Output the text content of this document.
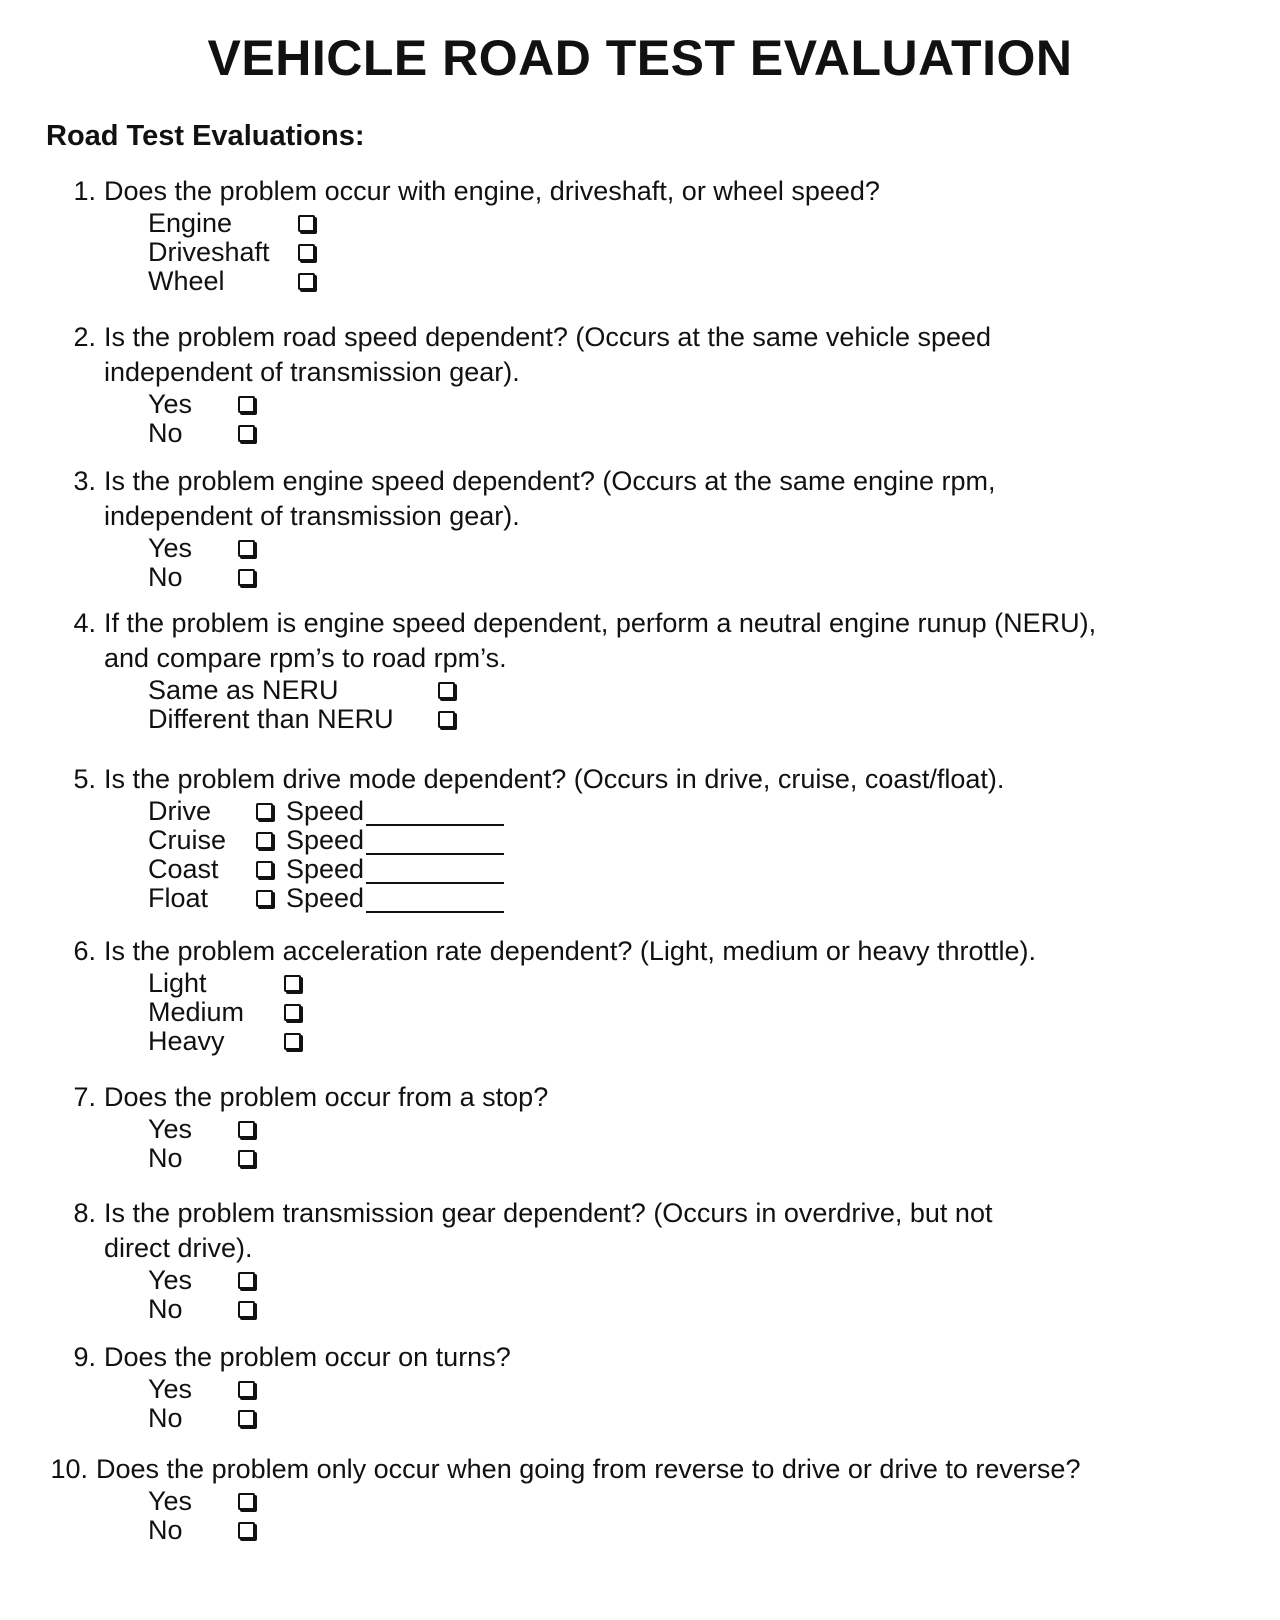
VEHICLE ROAD TEST EVALUATION
Road Test Evaluations:
1. Does the problem occur with engine, driveshaft, or wheel speed?
Engine
Driveshaft
Wheel
2. Is the problem road speed dependent? (Occurs at the same vehicle speed
independent of transmission gear).
Yes
No
3. Is the problem engine speed dependent? (Occurs at the same engine rpm,
independent of transmission gear).
Yes
No
4. If the problem is engine speed dependent, perform a neutral engine runup (NERU),
and compare rpm’s to road rpm’s.
Same as NERU
Different than NERU
5. Is the problem drive mode dependent? (Occurs in drive, cruise, coast/float).
Drive	Speed
Cruise	Speed
Coast	Speed
Float	Speed
6. Is the problem acceleration rate dependent? (Light, medium or heavy throttle).
Light
Medium
Heavy
7. Does the problem occur from a stop?
Yes
No
8. Is the problem transmission gear dependent? (Occurs in overdrive, but not
direct drive).
Yes
No
9. Does the problem occur on turns?
Yes
No
10. Does the problem only occur when going from reverse to drive or drive to reverse?
Yes
No
